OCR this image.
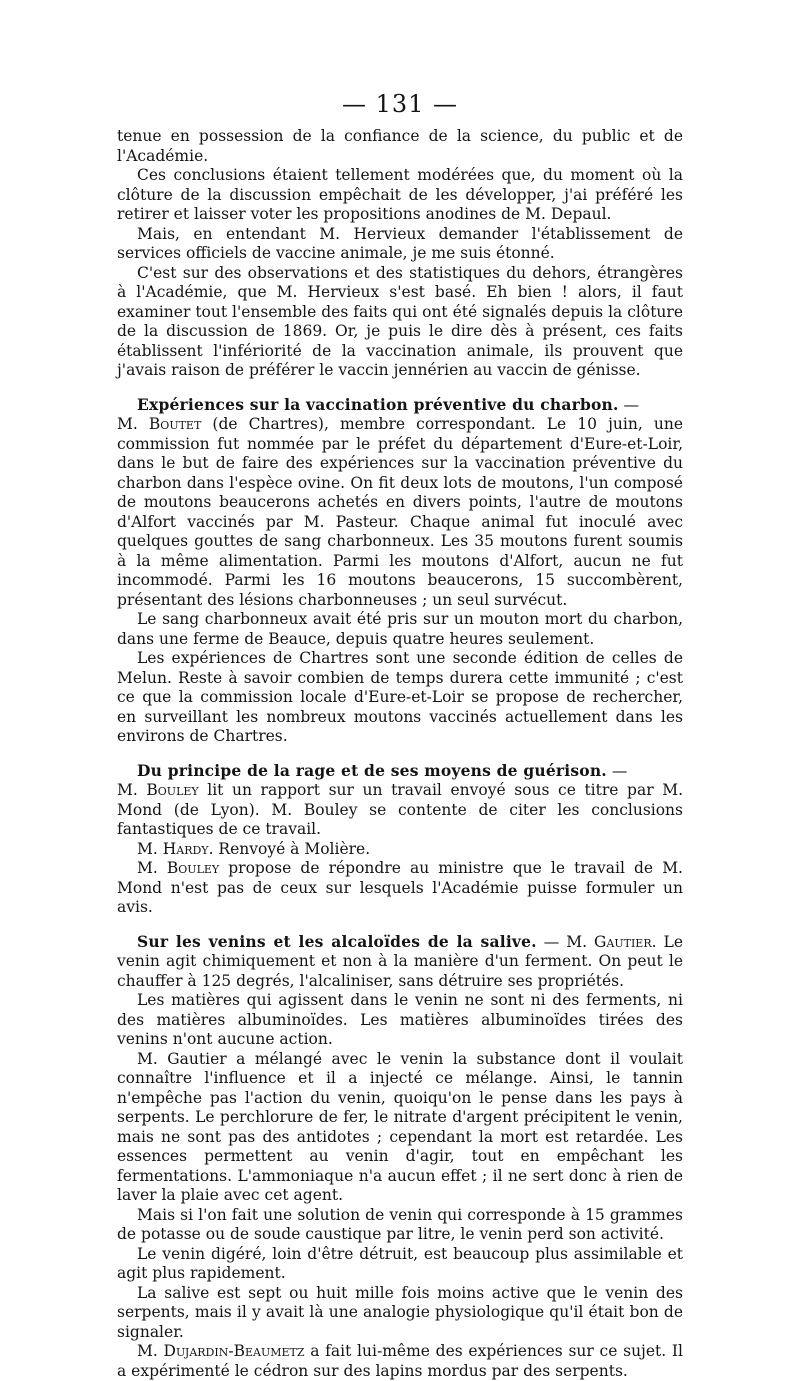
— 131 —

tenue en possession de la confiance de la science, du public et de l'Académie.

Ces conclusions étaient tellement modérées que, du moment où la clôture de la discussion empêchait de les développer, j'ai préféré les retirer et laisser voter les propositions anodines de M. Depaul.

Mais, en entendant M. Hervieux demander l'établissement de services officiels de vaccine animale, je me suis étonné.

C'est sur des observations et des statistiques du dehors, étrangères à l'Académie, que M. Hervieux s'est basé. Eh bien ! alors, il faut examiner tout l'ensemble des faits qui ont été signalés depuis la clôture de la discussion de 1869. Or, je puis le dire dès à présent, ces faits établissent l'infériorité de la vaccination animale, ils prouvent que j'avais raison de préférer le vaccin jennérien au vaccin de génisse.

Expériences sur la vaccination préventive du charbon. —
M. Boutet (de Chartres), membre correspondant. Le 10 juin, une commission fut nommée par le préfet du département d'Eure-et-Loir, dans le but de faire des expériences sur la vaccination préventive du charbon dans l'espèce ovine. On fit deux lots de moutons, l'un composé de moutons beaucerons achetés en divers points, l'autre de moutons d'Alfort vaccinés par M. Pasteur. Chaque animal fut inoculé avec quelques gouttes de sang charbonneux. Les 35 moutons furent soumis à la même alimentation. Parmi les moutons d'Alfort, aucun ne fut incommodé. Parmi les 16 moutons beaucerons, 15 succombèrent, présentant des lésions charbonneuses ; un seul survécut.

Le sang charbonneux avait été pris sur un mouton mort du charbon, dans une ferme de Beauce, depuis quatre heures seulement.

Les expériences de Chartres sont une seconde édition de celles de Melun. Reste à savoir combien de temps durera cette immunité ; c'est ce que la commission locale d'Eure-et-Loir se propose de rechercher, en surveillant les nombreux moutons vaccinés actuellement dans les environs de Chartres.

Du principe de la rage et de ses moyens de guérison. —
M. Bouley lit un rapport sur un travail envoyé sous ce titre par M. Mond (de Lyon). M. Bouley se contente de citer les conclusions fantastiques de ce travail.

M. Hardy. Renvoyé à Molière.

M. Bouley propose de répondre au ministre que le travail de M. Mond n'est pas de ceux sur lesquels l'Académie puisse formuler un avis.

Sur les venins et les alcaloïdes de la salive. — M. Gautier. Le venin agit chimiquement et non à la manière d'un ferment. On peut le chauffer à 125 degrés, l'alcaliniser, sans détruire ses propriétés.

Les matières qui agissent dans le venin ne sont ni des ferments, ni des matières albuminoïdes. Les matières albuminoïdes tirées des venins n'ont aucune action.

M. Gautier a mélangé avec le venin la substance dont il voulait connaître l'influence et il a injecté ce mélange. Ainsi, le tannin n'empêche pas l'action du venin, quoiqu'on le pense dans les pays à serpents. Le perchlorure de fer, le nitrate d'argent précipitent le venin, mais ne sont pas des antidotes ; cependant la mort est retardée. Les essences permettent au venin d'agir, tout en empêchant les fermentations. L'ammoniaque n'a aucun effet ; il ne sert donc à rien de laver la plaie avec cet agent.

Mais si l'on fait une solution de venin qui corresponde à 15 grammes de potasse ou de soude caustique par litre, le venin perd son activité.

Le venin digéré, loin d'être détruit, est beaucoup plus assimilable et agit plus rapidement.

La salive est sept ou huit mille fois moins active que le venin des serpents, mais il y avait là une analogie physiologique qu'il était bon de signaler.

M. Dujardin-Beaumetz a fait lui-même des expériences sur ce sujet. Il a expérimenté le cédron sur des lapins mordus par des serpents.
